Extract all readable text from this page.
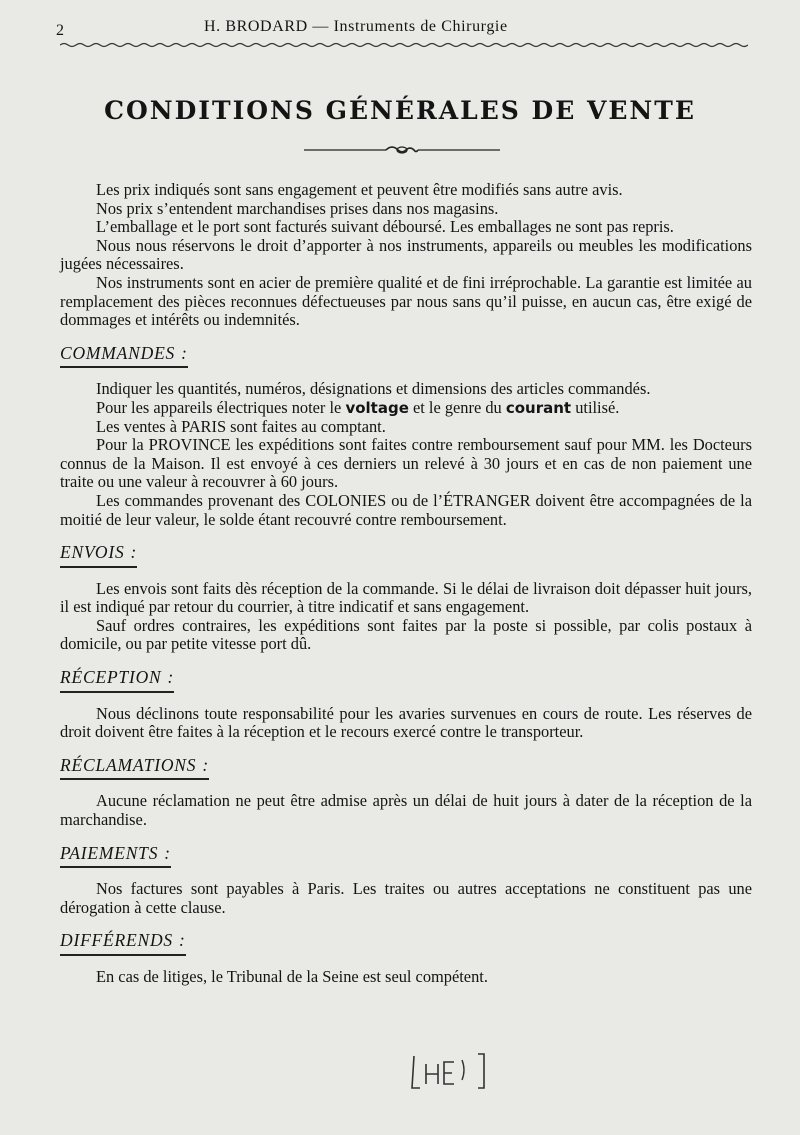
2	H. BRODARD — Instruments de Chirurgie
CONDITIONS GÉNÉRALES DE VENTE

Les prix indiqués sont sans engagement et peuvent être modifiés sans autre avis.

Nos prix s’entendent marchandises prises dans nos magasins.

L’emballage et le port sont facturés suivant déboursé. Les emballages ne sont pas repris.

Nous nous réservons le droit d’apporter à nos instruments, appareils ou meubles les modifications jugées nécessaires.

Nos instruments sont en acier de première qualité et de fini irréprochable. La garantie est limitée au remplacement des pièces reconnues défectueuses par nous sans qu’il puisse, en aucun cas, être exigé de dommages et intérêts ou indemnités.

COMMANDES :

Indiquer les quantités, numéros, désignations et dimensions des articles commandés.

Pour les appareils électriques noter le voltage et le genre du courant utilisé.

Les ventes à PARIS sont faites au comptant.

Pour la PROVINCE les expéditions sont faites contre remboursement sauf pour MM. les Docteurs connus de la Maison. Il est envoyé à ces derniers un relevé à 30 jours et en cas de non paiement une traite ou une valeur à recouvrer à 60 jours.

Les commandes provenant des COLONIES ou de l’ÉTRANGER doivent être accompagnées de la moitié de leur valeur, le solde étant recouvré contre remboursement.

ENVOIS :

Les envois sont faits dès réception de la commande. Si le délai de livraison doit dépasser huit jours, il est indiqué par retour du courrier, à titre indicatif et sans engagement.

Sauf ordres contraires, les expéditions sont faites par la poste si possible, par colis postaux à domicile, ou par petite vitesse port dû.

RÉCEPTION :

Nous déclinons toute responsabilité pour les avaries survenues en cours de route. Les réserves de droit doivent être faites à la réception et le recours exercé contre le transporteur.

RÉCLAMATIONS :

Aucune réclamation ne peut être admise après un délai de huit jours à dater de la réception de la marchandise.

PAIEMENTS :

Nos factures sont payables à Paris. Les traites ou autres acceptations ne constituent pas une dérogation à cette clause.

DIFFÉRENDS :

En cas de litiges, le Tribunal de la Seine est seul compétent.
